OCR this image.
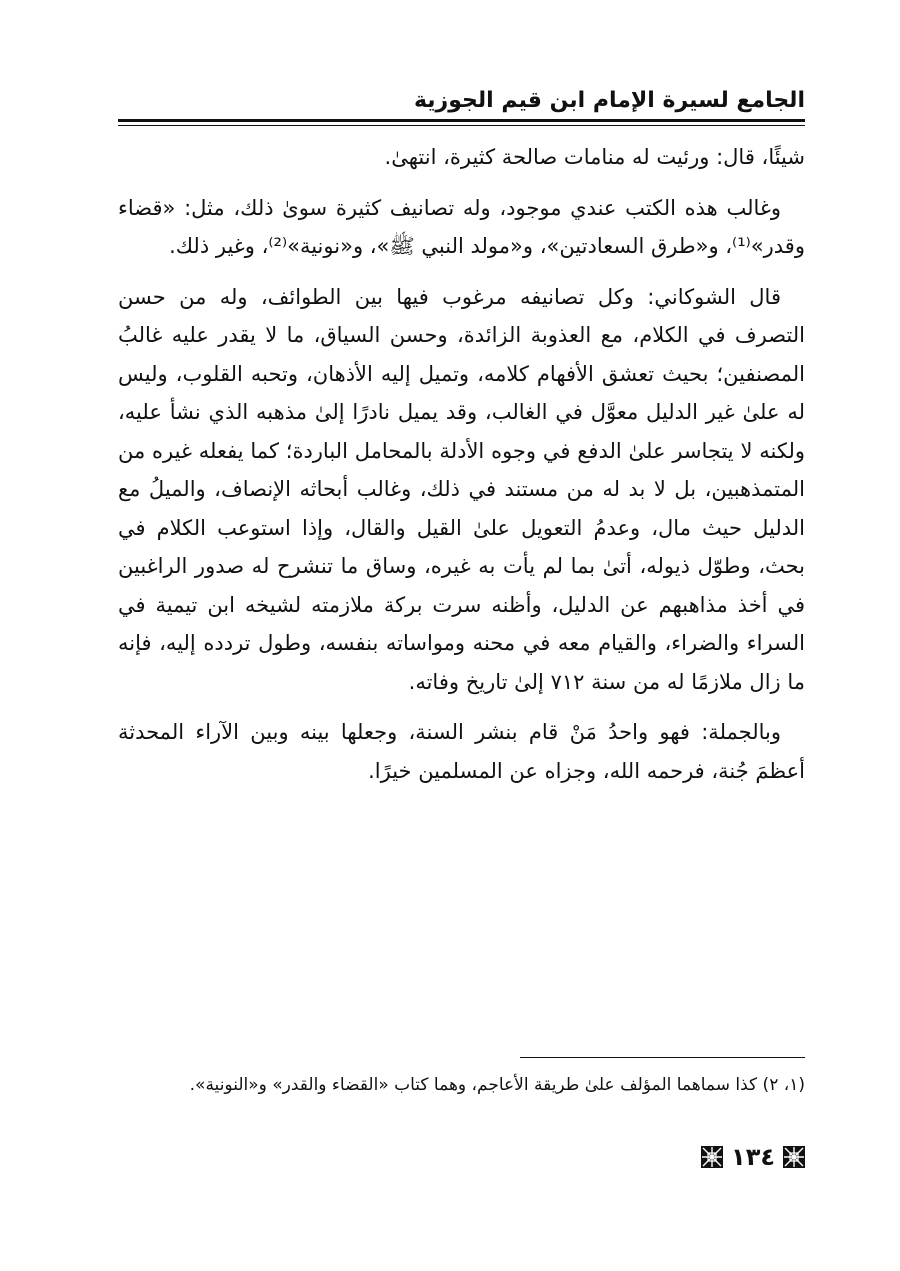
الجامع لسيرة الإمام ابن قيم الجوزية

شيئًا، قال: ورئيت له منامات صالحة كثيرة، انتهىٰ.

وغالب هذه الكتب عندي موجود، وله تصانيف كثيرة سوىٰ ذلك، مثل: «قضاء وقدر»⁽¹⁾، و«طرق السعادتين»، و«مولد النبي ﷺ»، و«نونية»⁽²⁾، وغير ذلك.

قال الشوكاني: وكل تصانيفه مرغوب فيها بين الطوائف، وله من حسن التصرف في الكلام، مع العذوبة الزائدة، وحسن السياق، ما لا يقدر عليه غالبُ المصنفين؛ بحيث تعشق الأفهام كلامه، وتميل إليه الأذهان، وتحبه القلوب، وليس له علىٰ غير الدليل معوَّل في الغالب، وقد يميل نادرًا إلىٰ مذهبه الذي نشأ عليه، ولكنه لا يتجاسر علىٰ الدفع في وجوه الأدلة بالمحامل الباردة؛ كما يفعله غيره من المتمذهبين، بل لا بد له من مستند في ذلك، وغالب أبحاثه الإنصاف، والميلُ مع الدليل حيث مال، وعدمُ التعويل علىٰ القيل والقال، وإذا استوعب الكلام في بحث، وطوّل ذيوله، أتىٰ بما لم يأت به غيره، وساق ما تنشرح له صدور الراغبين في أخذ مذاهبهم عن الدليل، وأظنه سرت بركة ملازمته لشيخه ابن تيمية في السراء والضراء، والقيام معه في محنه ومواساته بنفسه، وطول تردده إليه، فإنه ما زال ملازمًا له من سنة ٧١٢ إلىٰ تاريخ وفاته.

وبالجملة: فهو واحدُ مَنْ قام بنشر السنة، وجعلها بينه وبين الآراء المحدثة أعظمَ جُنة، فرحمه الله، وجزاه عن المسلمين خيرًا.

(١، ٢) كذا سماهما المؤلف علىٰ طريقة الأعاجم، وهما كتاب «القضاء والقدر» و«النونية».

١٣٤
